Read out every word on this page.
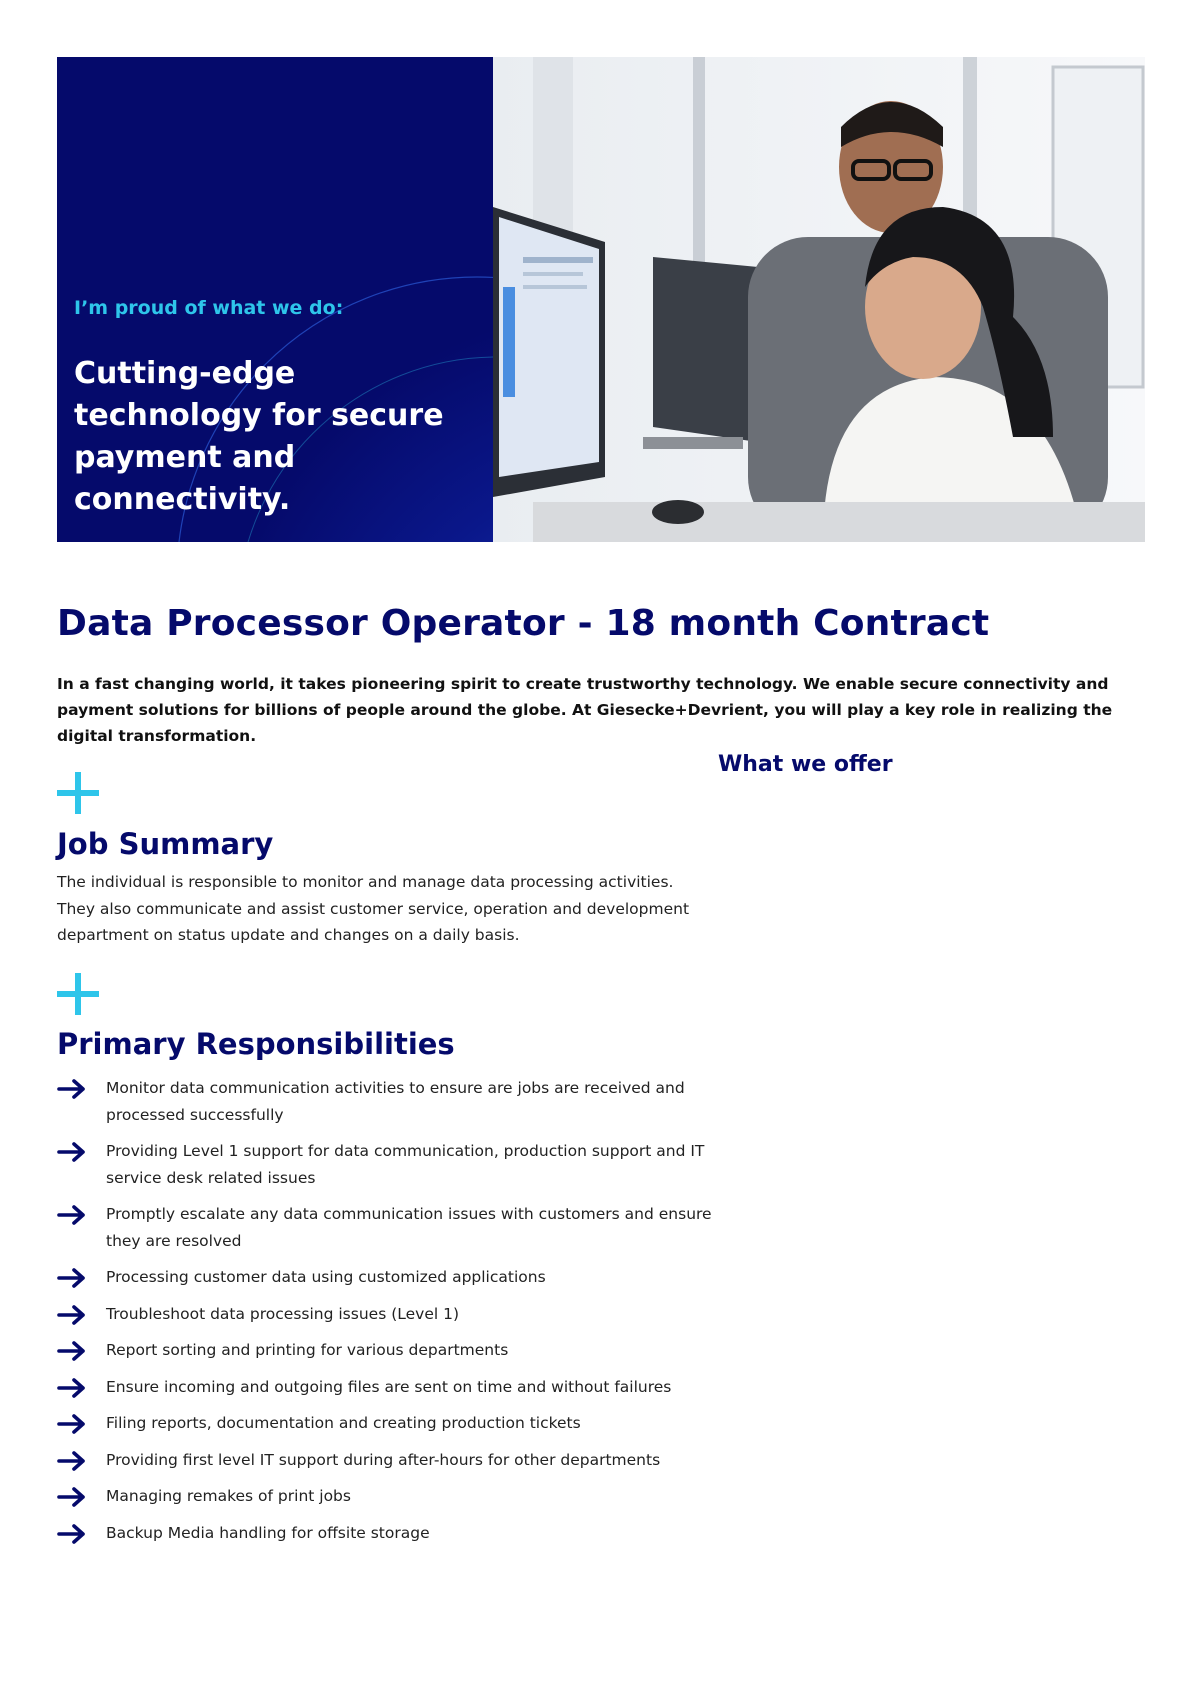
I’m proud of what we do:

Cutting-edge technology for secure payment and connectivity.

Data Processor Operator - 18 month Contract

In a fast changing world, it takes pioneering spirit to create trustworthy technology. We enable secure connectivity and payment solutions for billions of people around the globe. At Giesecke+Devrient, you will play a key role in realizing the digital transformation.

What we offer
Job Summary

The individual is responsible to monitor and manage data processing activities. They also communicate and assist customer service, operation and development department on status update and changes on a daily basis.

Primary Responsibilities
Monitor data communication activities to ensure are jobs are received and processed successfully
Providing Level 1 support for data communication, production support and IT service desk related issues
Promptly escalate any data communication issues with customers and ensure they are resolved
Processing customer data using customized applications
Troubleshoot data processing issues (Level 1)
Report sorting and printing for various departments
Ensure incoming and outgoing files are sent on time and without failures
Filing reports, documentation and creating production tickets
Providing first level IT support during after-hours for other departments
Managing remakes of print jobs
Backup Media handling for offsite storage
